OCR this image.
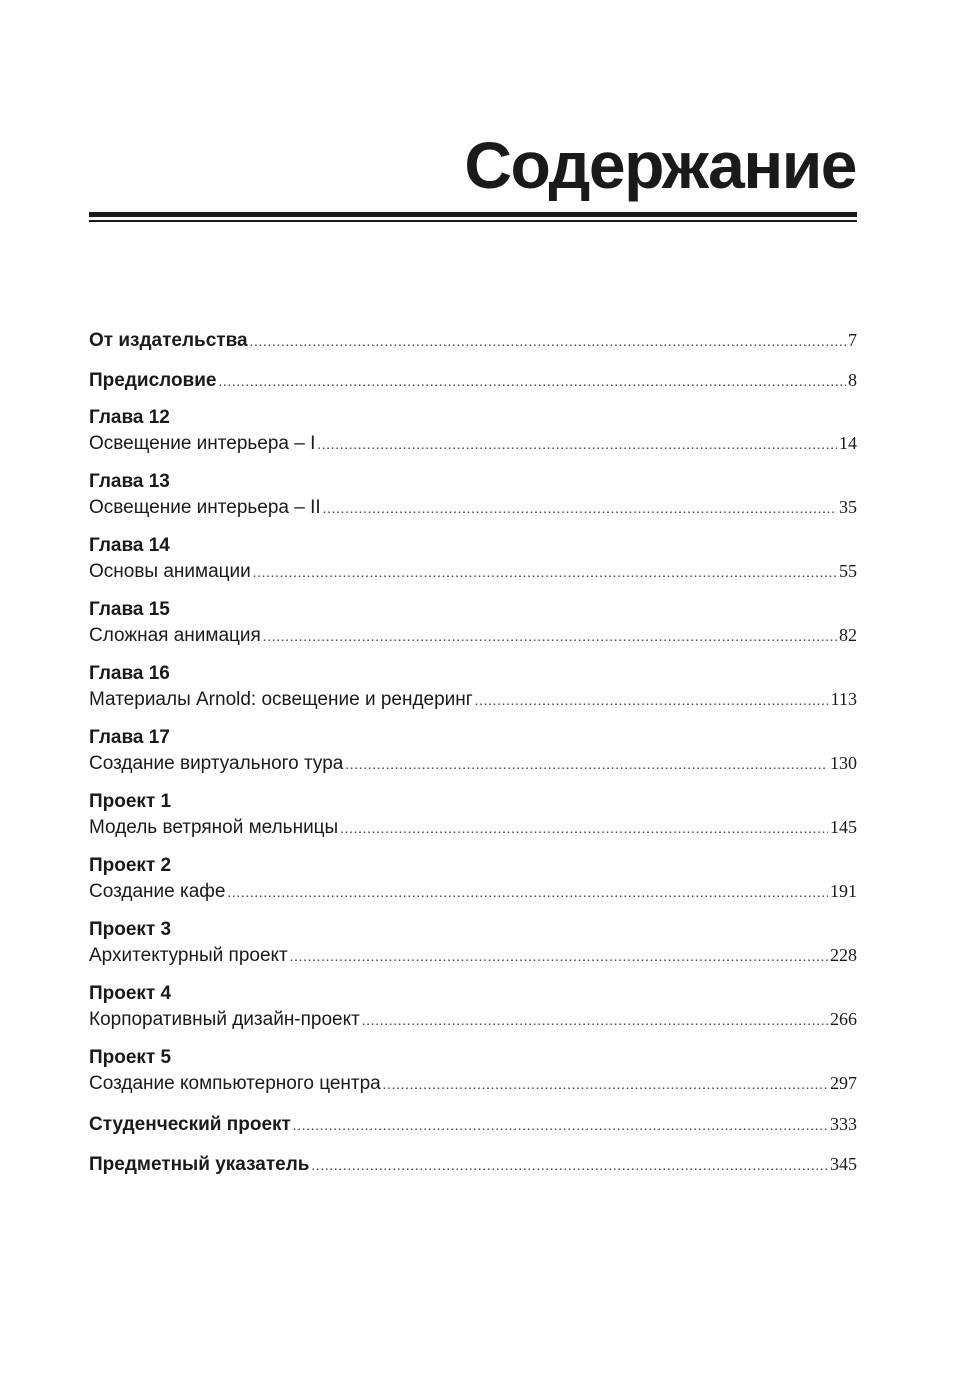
Содержание
От издательства .....	7
Предисловие .....	8
Глава 12
Освещение интерьера – I .....	14
Глава 13
Освещение интерьера – II .....	35
Глава 14
Основы анимации .....	55
Глава 15
Сложная анимация .....	82
Глава 16
Материалы Arnold: освещение и рендеринг .....	113
Глава 17
Создание виртуального тура .....	130
Проект 1
Модель ветряной мельницы .....	145
Проект 2
Создание кафе .....	191
Проект 3
Архитектурный проект .....	228
Проект 4
Корпоративный дизайн-проект .....	266
Проект 5
Создание компьютерного центра .....	297
Студенческий проект .....	333
Предметный указатель .....	345
